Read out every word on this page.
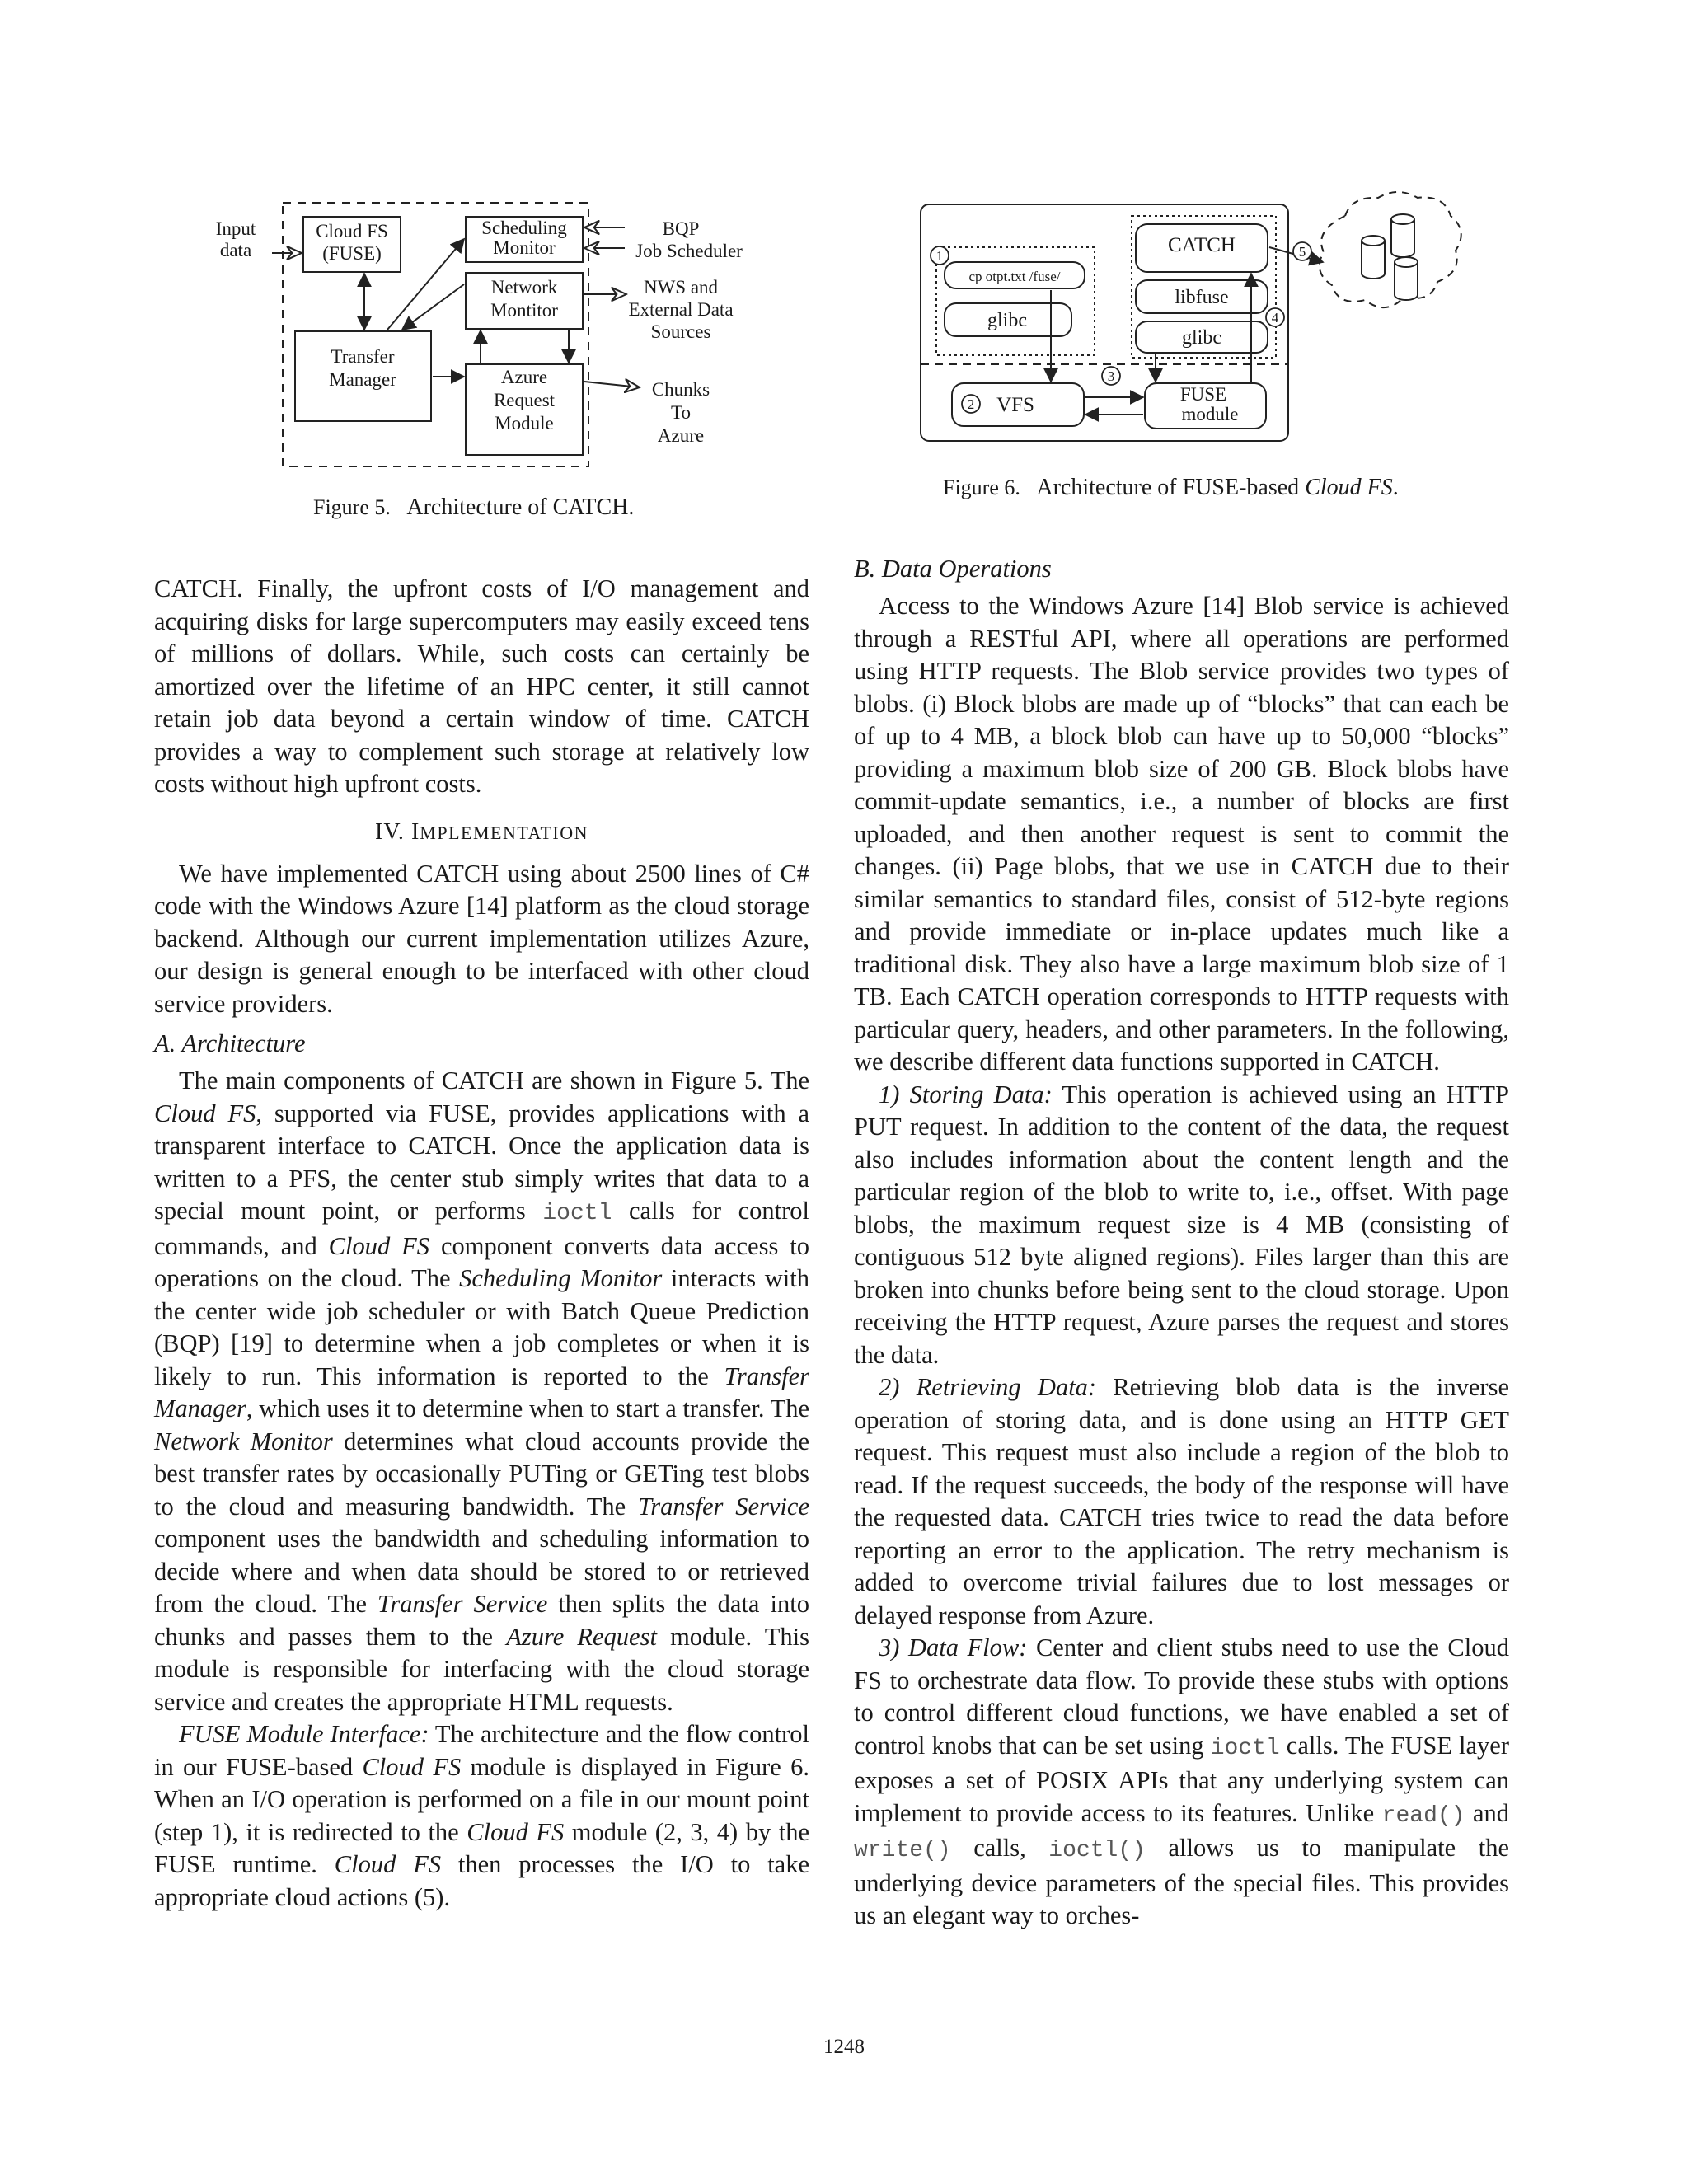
Input data
Cloud FS (FUSE)
Scheduling Monitor
Network Montitor
Transfer Manager	Azure Request Module
BQP Job Scheduler
NWS and External Data Sources
Chunks To Azure
Figure 5. Architecture of CATCH.
1
2
3
4
5
cp otpt.txt /fuse/
glibc
CATCH
libfuse
glibc
VFS	FUSE module
Figure 6. Architecture of FUSE-based Cloud FS.

CATCH. Finally, the upfront costs of I/O management and acquiring disks for large supercomputers may easily exceed tens of millions of dollars. While, such costs can certainly be amortized over the lifetime of an HPC center, it still cannot retain job data beyond a certain window of time. CATCH provides a way to complement such storage at relatively low costs without high upfront costs.

IV. IMPLEMENTATION

We have implemented CATCH using about 2500 lines of C# code with the Windows Azure [14] platform as the cloud storage backend. Although our current implementation utilizes Azure, our design is general enough to be interfaced with other cloud service providers.

A. Architecture

The main components of CATCH are shown in Figure 5. The Cloud FS, supported via FUSE, provides applications with a transparent interface to CATCH. Once the application data is written to a PFS, the center stub simply writes that data to a special mount point, or performs ioctl calls for control commands, and Cloud FS component converts data access to operations on the cloud. The Scheduling Monitor interacts with the center wide job scheduler or with Batch Queue Prediction (BQP) [19] to determine when a job completes or when it is likely to run. This information is reported to the Transfer Manager, which uses it to determine when to start a transfer. The Network Monitor determines what cloud accounts provide the best transfer rates by occasionally PUTing or GETing test blobs to the cloud and measuring bandwidth. The Transfer Service component uses the bandwidth and scheduling information to decide where and when data should be stored to or retrieved from the cloud. The Transfer Service then splits the data into chunks and passes them to the Azure Request module. This module is responsible for interfacing with the cloud storage service and creates the appropriate HTML requests.

FUSE Module Interface: The architecture and the flow control in our FUSE-based Cloud FS module is displayed in Figure 6. When an I/O operation is performed on a file in our mount point (step 1), it is redirected to the Cloud FS module (2, 3, 4) by the FUSE runtime. Cloud FS then processes the I/O to take appropriate cloud actions (5).

B. Data Operations

Access to the Windows Azure [14] Blob service is achieved through a RESTful API, where all operations are performed using HTTP requests. The Blob service provides two types of blobs. (i) Block blobs are made up of “blocks” that can each be of up to 4 MB, a block blob can have up to 50,000 “blocks” providing a maximum blob size of 200 GB. Block blobs have commit-update semantics, i.e., a number of blocks are first uploaded, and then another request is sent to commit the changes. (ii) Page blobs, that we use in CATCH due to their similar semantics to standard files, consist of 512-byte regions and provide immediate or in-place updates much like a traditional disk. They also have a large maximum blob size of 1 TB. Each CATCH operation corresponds to HTTP requests with particular query, headers, and other parameters. In the following, we describe different data functions supported in CATCH.

1) Storing Data: This operation is achieved using an HTTP PUT request. In addition to the content of the data, the request also includes information about the content length and the particular region of the blob to write to, i.e., offset. With page blobs, the maximum request size is 4 MB (consisting of contiguous 512 byte aligned regions). Files larger than this are broken into chunks before being sent to the cloud storage. Upon receiving the HTTP request, Azure parses the request and stores the data.

2) Retrieving Data: Retrieving blob data is the inverse operation of storing data, and is done using an HTTP GET request. This request must also include a region of the blob to read. If the request succeeds, the body of the response will have the requested data. CATCH tries twice to read the data before reporting an error to the application. The retry mechanism is added to overcome trivial failures due to lost messages or delayed response from Azure.

3) Data Flow: Center and client stubs need to use the Cloud FS to orchestrate data flow. To provide these stubs with options to control different cloud functions, we have enabled a set of control knobs that can be set using ioctl calls. The FUSE layer exposes a set of POSIX APIs that any underlying system can implement to provide access to its features. Unlike read() and write() calls, ioctl() allows us to manipulate the underlying device parameters of the special files. This provides us an elegant way to orches-

1248
